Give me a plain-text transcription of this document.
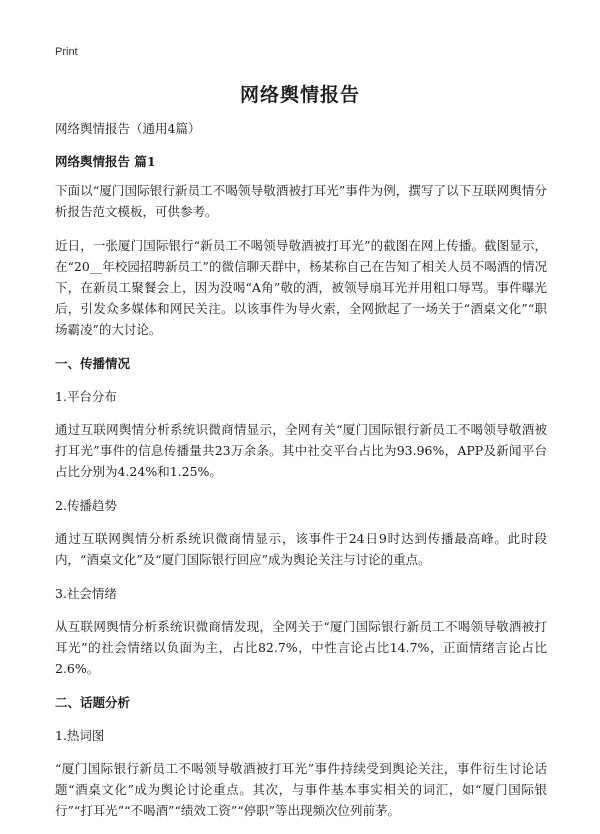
Print
网络舆情报告

网络舆情报告（通用4篇）

网络舆情报告 篇1

下面以“厦门国际银行新员工不喝领导敬酒被打耳光”事件为例，撰写了以下互联网舆情分析报告范文模板，可供参考。

近日，一张厦门国际银行“新员工不喝领导敬酒被打耳光”的截图在网上传播。截图显示，在“20__年校园招聘新员工”的微信聊天群中，杨某称自己在告知了相关人员不喝酒的情况下，在新员工聚餐会上，因为没喝“A角”敬的酒，被领导扇耳光并用粗口辱骂。事件曝光后，引发众多媒体和网民关注。以该事件为导火索，全网掀起了一场关于“酒桌文化”“职场霸凌”的大讨论。

一、传播情况

1.平台分布

通过互联网舆情分析系统识微商情显示，全网有关“厦门国际银行新员工不喝领导敬酒被打耳光”事件的信息传播量共23万余条。其中社交平台占比为93.96%，APP及新闻平台占比分别为4.24%和1.25%。

2.传播趋势

通过互联网舆情分析系统识微商情显示，该事件于24日9时达到传播最高峰。此时段内，“酒桌文化”及“厦门国际银行回应”成为舆论关注与讨论的重点。

3.社会情绪

从互联网舆情分析系统识微商情发现，全网关于“厦门国际银行新员工不喝领导敬酒被打耳光”的社会情绪以负面为主，占比82.7%，中性言论占比14.7%，正面情绪言论占比2.6%。

二、话题分析

1.热词图

“厦门国际银行新员工不喝领导敬酒被打耳光”事件持续受到舆论关注，事件衍生讨论话题“酒桌文化”成为舆论讨论重点。其次，与事件基本事实相关的词汇，如“厦门国际银行”“打耳光”“不喝酒”“绩效工资”“停职”等出现频次位列前茅。
